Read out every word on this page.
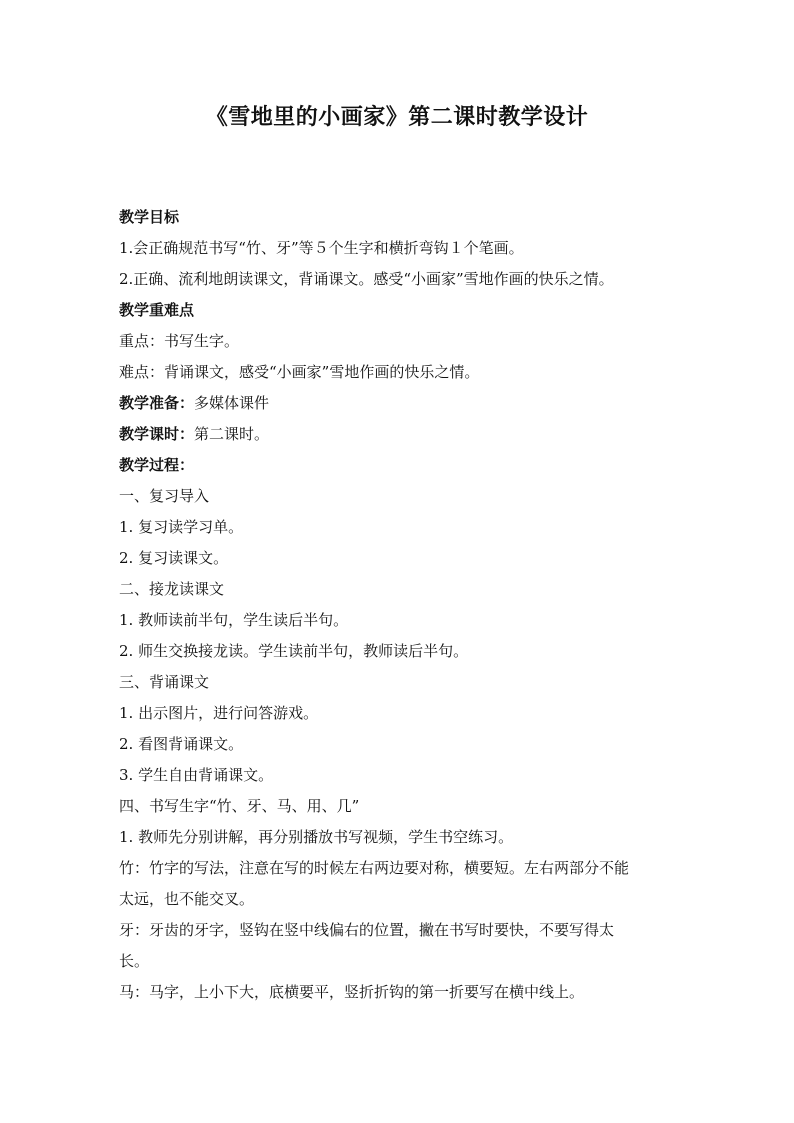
《雪地里的小画家》第二课时教学设计
教学目标
1.会正确规范书写“竹、牙”等５个生字和横折弯钩１个笔画。
2.正确、流利地朗读课文，背诵课文。感受“小画家”雪地作画的快乐之情。
教学重难点
重点：书写生字。
难点：背诵课文，感受“小画家”雪地作画的快乐之情。
教学准备：多媒体课件
教学课时：第二课时。
教学过程：
一、复习导入
1. 复习读学习单。
2. 复习读课文。
二、接龙读课文
1. 教师读前半句，学生读后半句。
2. 师生交换接龙读。学生读前半句，教师读后半句。
三、背诵课文
1. 出示图片，进行问答游戏。
2. 看图背诵课文。
3. 学生自由背诵课文。
四、书写生字“竹、牙、马、用、几”
1. 教师先分别讲解，再分别播放书写视频，学生书空练习。
竹：竹字的写法，注意在写的时候左右两边要对称，横要短。左右两部分不能
太远，也不能交叉。
牙：牙齿的牙字，竖钩在竖中线偏右的位置，撇在书写时要快，不要写得太
长。
马：马字，上小下大，底横要平，竖折折钩的第一折要写在横中线上。
